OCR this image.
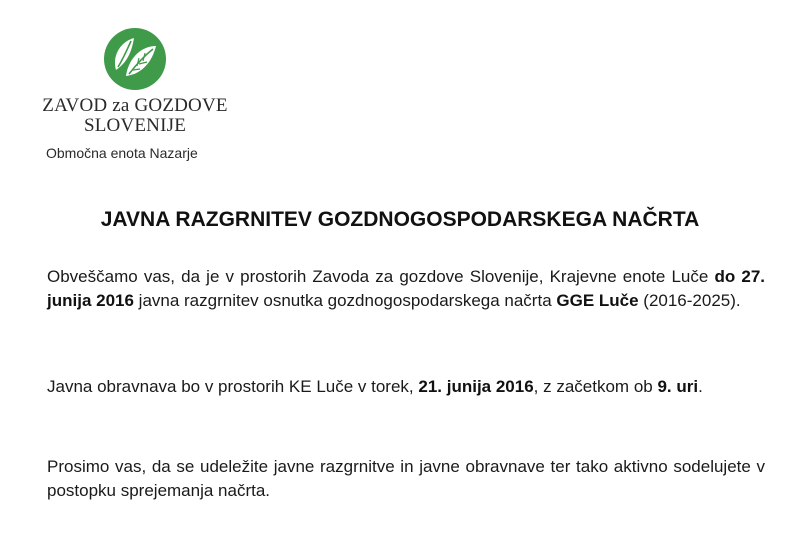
ZAVOD za GOZDOVE
SLOVENIJE
Območna enota Nazarje
JAVNA RAZGRNITEV GOZDNOGOSPODARSKEGA NAČRTA

Obveščamo vas, da je v prostorih Zavoda za gozdove Slovenije, Krajevne enote Luče do 27. junija 2016 javna razgrnitev osnutka gozdnogospodarskega načrta GGE Luče (2016-2025).

Javna obravnava bo v prostorih KE Luče v torek, 21. junija 2016, z začetkom ob 9. uri.

Prosimo vas, da se udeležite javne razgrnitve in javne obravnave ter tako aktivno sodelujete v postopku sprejemanja načrta.
